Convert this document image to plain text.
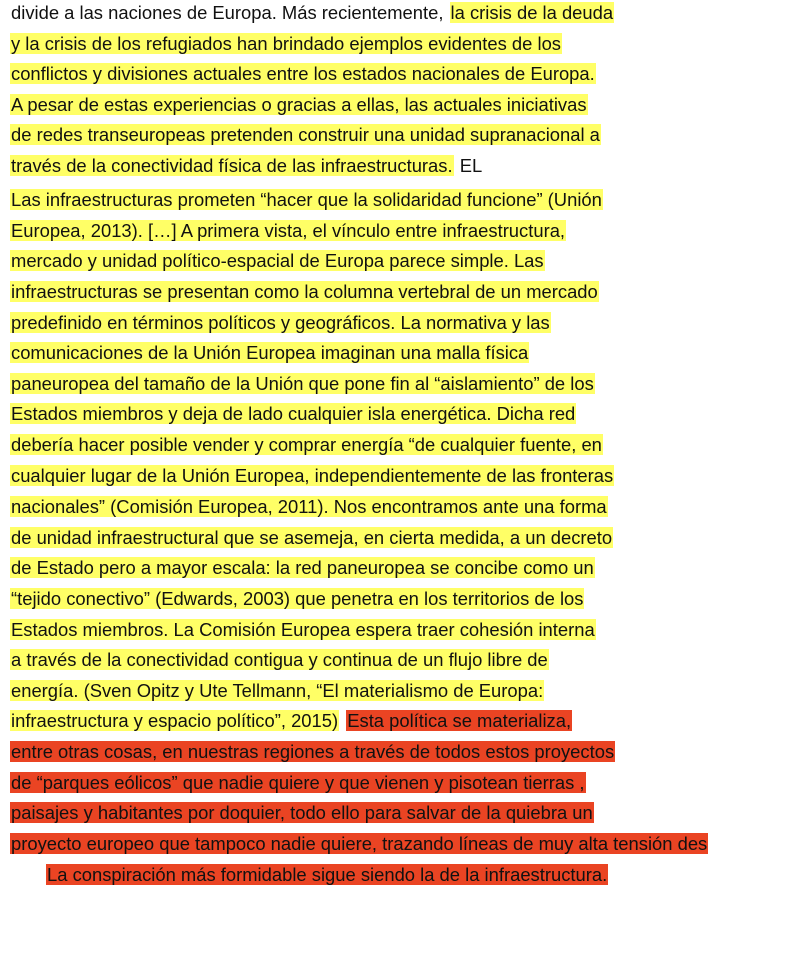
divide a las naciones de Europa. Más recientemente, la crisis de la deuda
y la crisis de los refugiados han brindado ejemplos evidentes de los
conflictos y divisiones actuales entre los estados nacionales de Europa.
A pesar de estas experiencias o gracias a ellas, las actuales iniciativas
de redes transeuropeas pretenden construir una unidad supranacional a
través de la conectividad física de las infraestructuras. EL
Las infraestructuras prometen “hacer que la solidaridad funcione” (Unión
Europea, 2013). […] A primera vista, el vínculo entre infraestructura,
mercado y unidad político-espacial de Europa parece simple. Las
infraestructuras se presentan como la columna vertebral de un mercado
predefinido en términos políticos y geográficos. La normativa y las
comunicaciones de la Unión Europea imaginan una malla física
paneuropea del tamaño de la Unión que pone fin al “aislamiento” de los
Estados miembros y deja de lado cualquier isla energética. Dicha red
debería hacer posible vender y comprar energía “de cualquier fuente, en
cualquier lugar de la Unión Europea, independientemente de las fronteras
nacionales” (Comisión Europea, 2011). Nos encontramos ante una forma
de unidad infraestructural que se asemeja, en cierta medida, a un decreto
de Estado pero a mayor escala: la red paneuropea se concibe como un
“tejido conectivo” (Edwards, 2003) que penetra en los territorios de los
Estados miembros. La Comisión Europea espera traer cohesión interna
a través de la conectividad contigua y continua de un flujo libre de
energía. (Sven Opitz y Ute Tellmann, “El materialismo de Europa:
infraestructura y espacio político”, 2015) Esta política se materializa,
entre otras cosas, en nuestras regiones a través de todos estos proyectos
de “parques eólicos” que nadie quiere y que vienen y pisotean tierras ,
paisajes y habitantes por doquier, todo ello para salvar de la quiebra un
proyecto europeo que tampoco nadie quiere, trazando líneas de muy alta tensión des
La conspiración más formidable sigue siendo la de la infraestructura.
